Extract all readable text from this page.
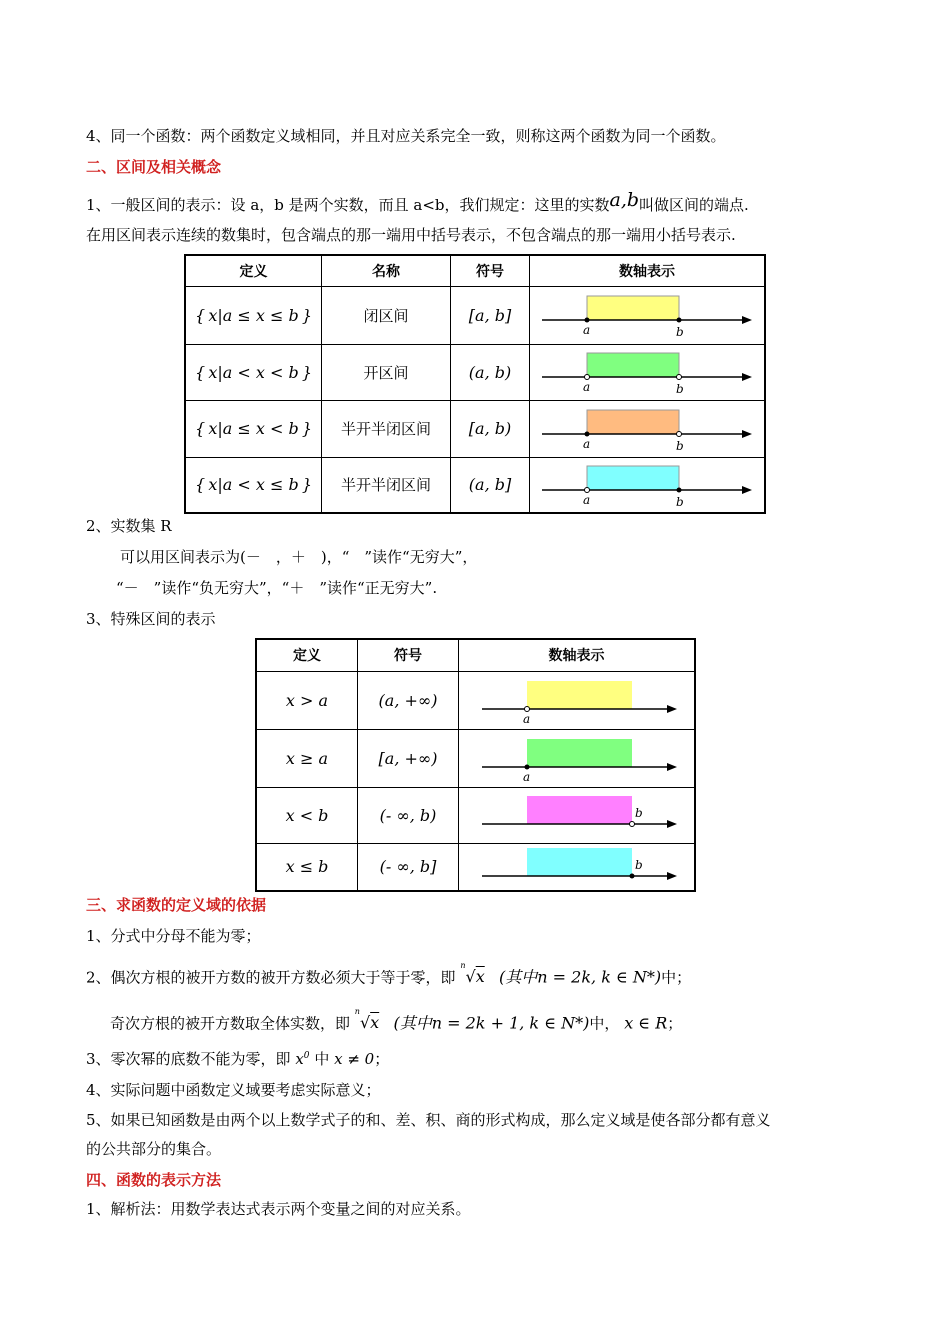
4、同一个函数：两个函数定义域相同，并且对应关系完全一致，则称这两个函数为同一个函数。
二、区间及相关概念
1、一般区间的表示：设 a，b 是两个实数，而且 a<b，我们规定：这里的实数a,b叫做区间的端点.
在用区间表示连续的数集时，包含端点的那一端用中括号表示，不包含端点的那一端用小括号表示.
定义	名称	符号	数轴表示
{ x|a ≤ x ≤ b }	闭区间	[a, b]	a b

{ x|a < x < b }	开区间	(a, b)	a b

{ x|a ≤ x < b }	半开半闭区间	[a, b)	a b

{ x|a < x ≤ b }	半开半闭区间	(a, b]	a b
2、实数集 R
可以用区间表示为(－　，＋　)，“　”读作“无穷大”，
“－　”读作“负无穷大”，“＋　”读作“正无穷大”.
3、特殊区间的表示
定义	符号	数轴表示
x > a	(a, +∞)	a

x ≥ a	[a, +∞)	a

x < b	(- ∞, b)	b

x ≤ b	(- ∞, b]	b
三、求函数的定义域的依据
1、分式中分母不能为零；
2、偶次方根的被开方数的被开方数必须大于等于零，即 $^n$√x (其中n = 2k, k ∈ N*)中；
奇次方根的被开方数取全体实数，即 $^n$√x (其中n = 2k + 1, k ∈ N*)中， x ∈ R；
3、零次幂的底数不能为零，即 $x^0$ 中 x ≠ 0；
4、实际问题中函数定义域要考虑实际意义；
5、如果已知函数是由两个以上数学式子的和、差、积、商的形式构成，那么定义域是使各部分都有意义
的公共部分的集合。
四、函数的表示方法
1、解析法：用数学表达式表示两个变量之间的对应关系。
